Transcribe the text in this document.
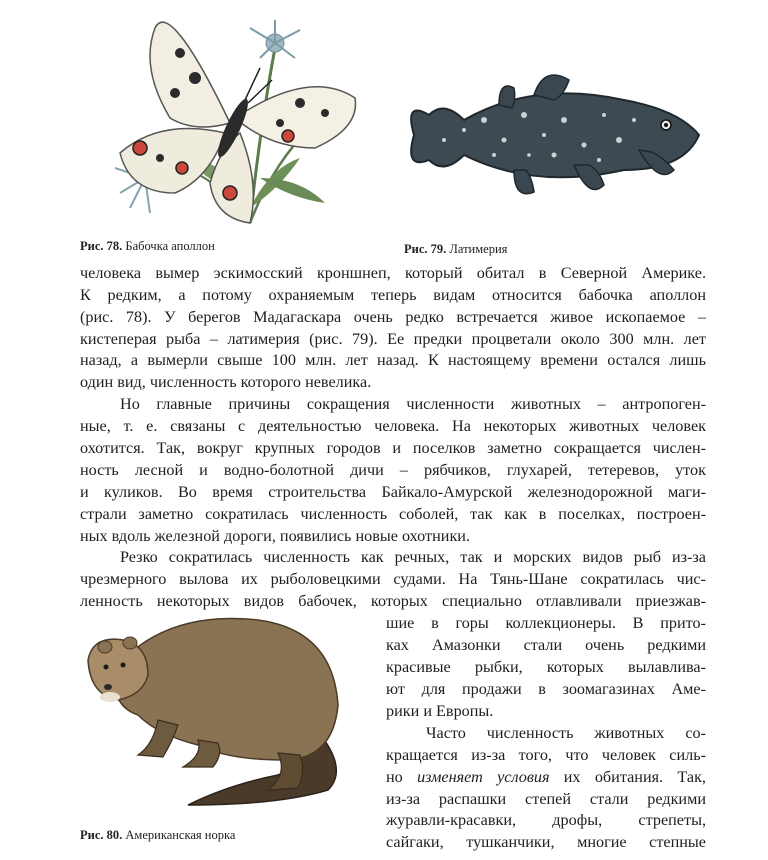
Рис. 78. Бабочка аполлон	Рис. 79. Латимерия
Рис. 80. Американская норка
человека вымер эскимосский кроншнеп, который обитал в Северной Америке.
К редким, а потому охраняемым теперь видам относится бабочка аполлон
(рис. 78). У берегов Мадагаскара очень редко встречается живое ископаемое –
кистеперая рыба – латимерия (рис. 79). Ее предки процветали около 300 млн. лет
назад, а вымерли свыше 100 млн. лет назад. К настоящему времени остался лишь
один вид, численность которого невелика.
Но главные причины сокращения численности животных – антропоген-
ные, т. е. связаны с деятельностью человека. На некоторых животных человек
охотится. Так, вокруг крупных городов и поселков заметно сокращается числен-
ность лесной и водно-болотной дичи – рябчиков, глухарей, тетеревов, уток
и куликов. Во время строительства Байкало-Амурской железнодорожной маги-
страли заметно сократилась численность соболей, так как в поселках, построен-
ных вдоль железной дороги, появились новые охотники.
Резко сократилась численность как речных, так и морских видов рыб из-за
чрезмерного вылова их рыболовецкими судами. На Тянь-Шане сократилась чис-
ленность некоторых видов бабочек, которых специально отлавливали приезжав-
шие в горы коллекционеры. В прито-
ках Амазонки стали очень редкими
красивые рыбки, которых вылавлива-
ют для продажи в зоомагазинах Аме-
рики и Европы.
Часто численность животных со-
кращается из-за того, что человек силь-
но изменяет условия их обитания. Так,
из-за распашки степей стали редкими
журавли-красавки, дрофы, стрепеты,
сайгаки, тушканчики, многие степные
